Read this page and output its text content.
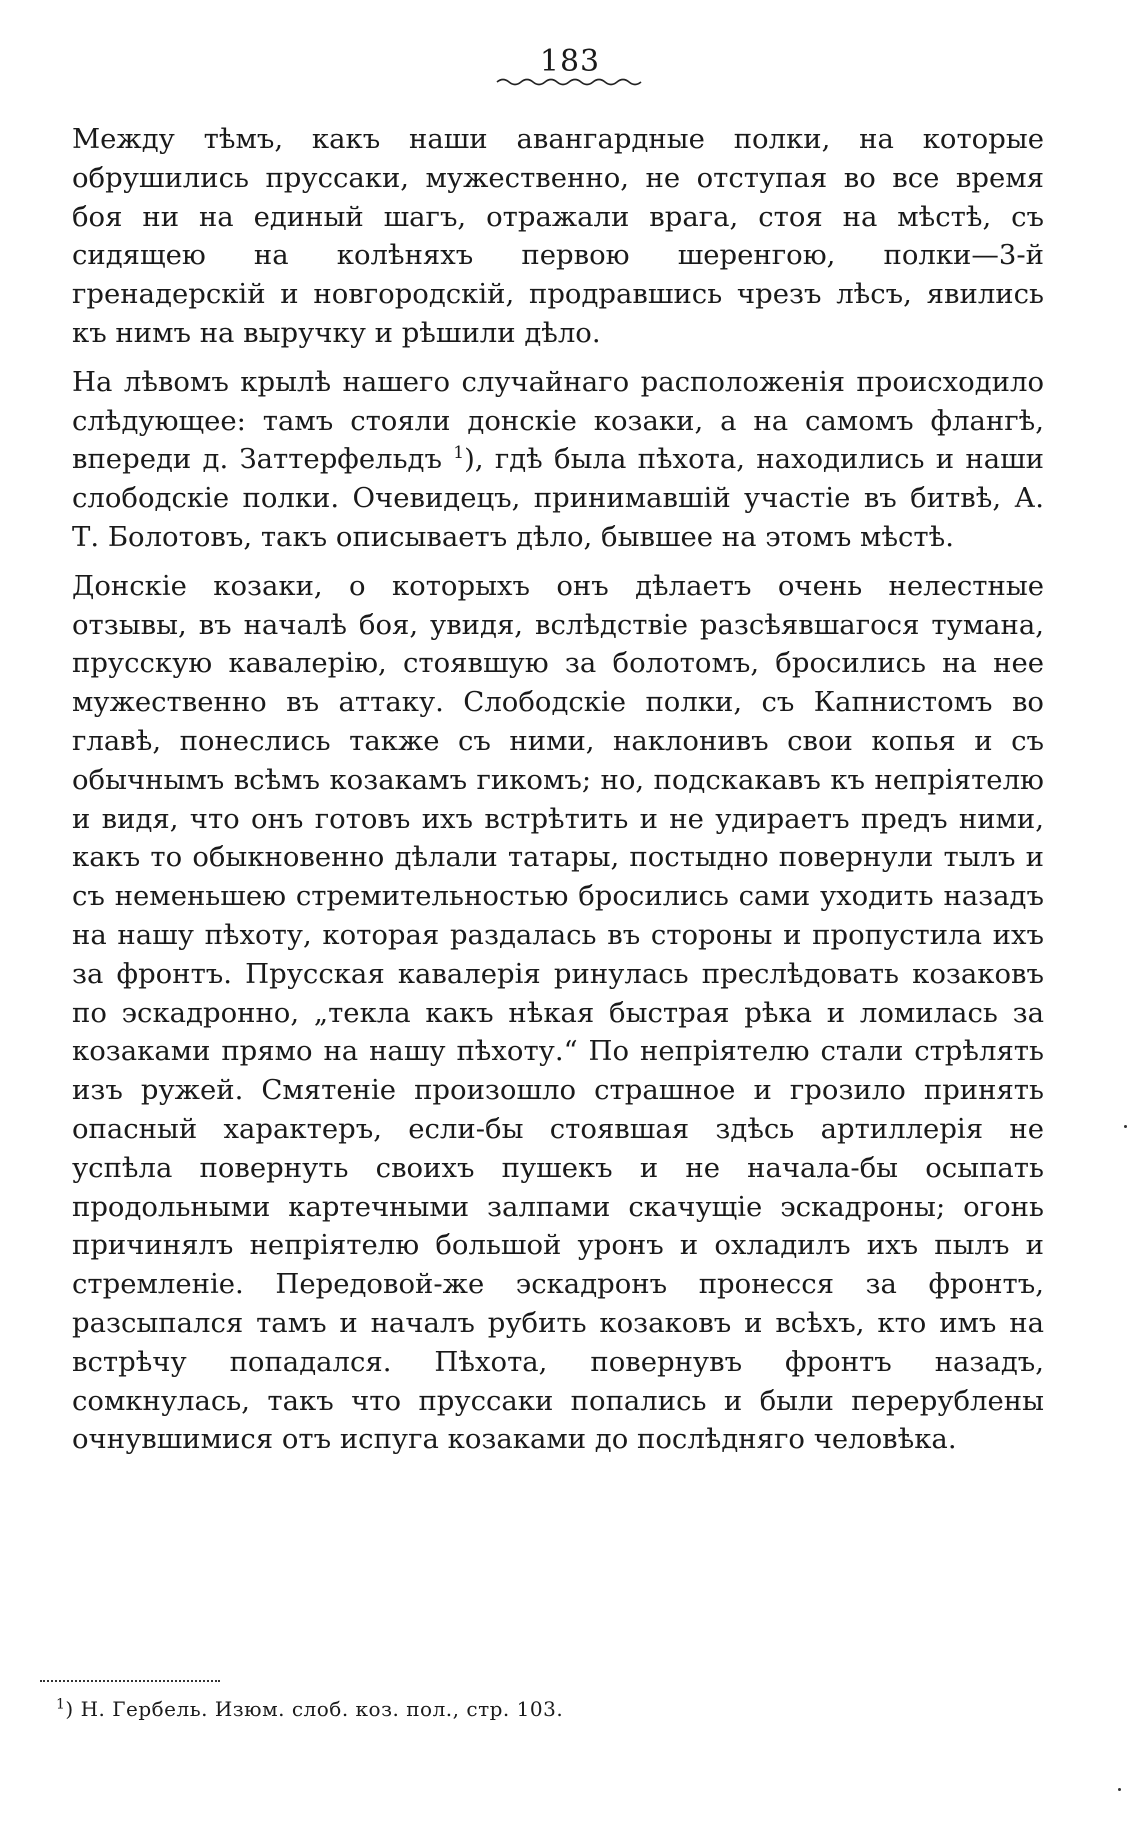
183

Между тѣмъ, какъ наши авангардные полки, на которые обрушились пруссаки, мужественно, не отступая во все время боя ни на единый шагъ, отражали врага, стоя на мѣстѣ, съ сидящею на колѣняхъ первою шеренгою, полки—3-й гренадерскій и новгородскій, продравшись чрезъ лѣсъ, явились къ нимъ на выручку и рѣшили дѣло.

На лѣвомъ крылѣ нашего случайнаго расположенія происходило слѣдующее: тамъ стояли донскіе козаки, а на самомъ флангѣ, впереди д. Заттерфельдъ $^1$), гдѣ была пѣхота, находились и наши слободскіе полки. Очевидецъ, принимавшій участіе въ битвѣ, А. Т. Болотовъ, такъ описываетъ дѣло, бывшее на этомъ мѣстѣ.

Донскіе козаки, о которыхъ онъ дѣлаетъ очень нелестные отзывы, въ началѣ боя, увидя, вслѣдствіе разсѣявшагося тумана, прусскую кавалерію, стоявшую за болотомъ, бросились на нее мужественно въ аттаку. Слободскіе полки, съ Капнистомъ во главѣ, понеслись также съ ними, наклонивъ свои копья и съ обычнымъ всѣмъ козакамъ гикомъ; но, подскакавъ къ непріятелю и видя, что онъ готовъ ихъ встрѣтить и не удираетъ предъ ними, какъ то обыкновенно дѣлали татары, постыдно повернули тылъ и съ неменьшею стремительностью бросились сами уходить назадъ на нашу пѣхоту, которая раздалась въ стороны и пропустила ихъ за фронтъ. Прусская кавалерія ринулась преслѣдовать козаковъ по эскадронно, „текла какъ нѣкая быстрая рѣка и ломилась за козаками прямо на нашу пѣхоту.“ По непріятелю стали стрѣлять изъ ружей. Смятеніе произошло страшное и грозило принять опасный характеръ, если-бы стоявшая здѣсь артиллерія не успѣла повернуть своихъ пушекъ и не начала-бы осыпать продольными картечными залпами скачущіе эскадроны; огонь причинялъ непріятелю большой уронъ и охладилъ ихъ пылъ и стремленіе. Передовой-же эскадронъ пронесся за фронтъ, разсыпался тамъ и началъ рубить козаковъ и всѣхъ, кто имъ на встрѣчу попадался. Пѣхота, повернувъ фронтъ назадъ, сомкнулась, такъ что пруссаки попались и были перерублены очнувшимися отъ испуга козаками до послѣдняго человѣка.

$^1$) Н. Гербель. Изюм. слоб. коз. пол., стр. 103.
